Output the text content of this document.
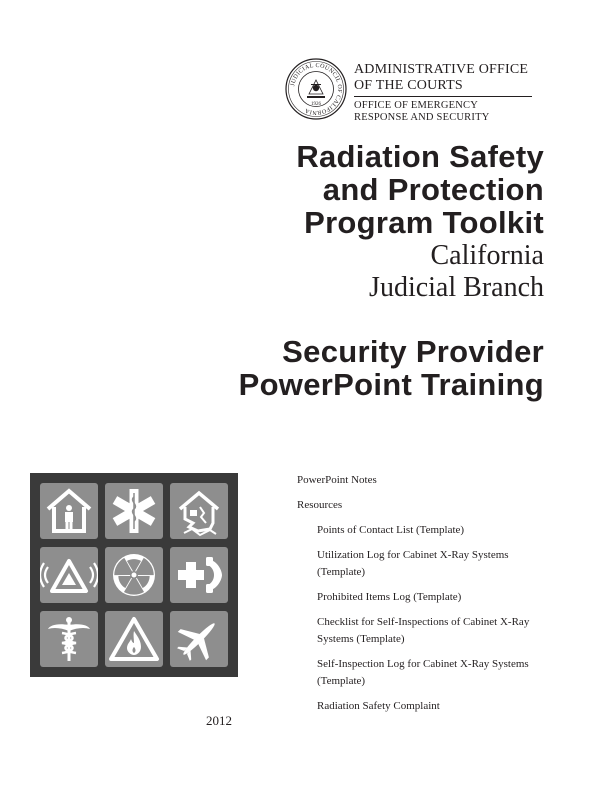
JUDICIAL COUNCIL OF CALIFORNIA
1926
ADMINISTRATIVE OFFICE
OF THE COURTS
OFFICE OF EMERGENCY
RESPONSE AND SECURITY
Radiation Safety
and Protection
Program Toolkit
California
Judicial Branch
Security Provider
PowerPoint Training
PowerPoint Notes
Resources
Points of Contact List (Template)
Utilization Log for Cabinet X-Ray Systems (Template)
Prohibited Items Log (Template)
Checklist for Self-Inspections of Cabinet X-Ray Systems (Template)
Self-Inspection Log for Cabinet X-Ray Systems (Template)
Radiation Safety Complaint
2012
